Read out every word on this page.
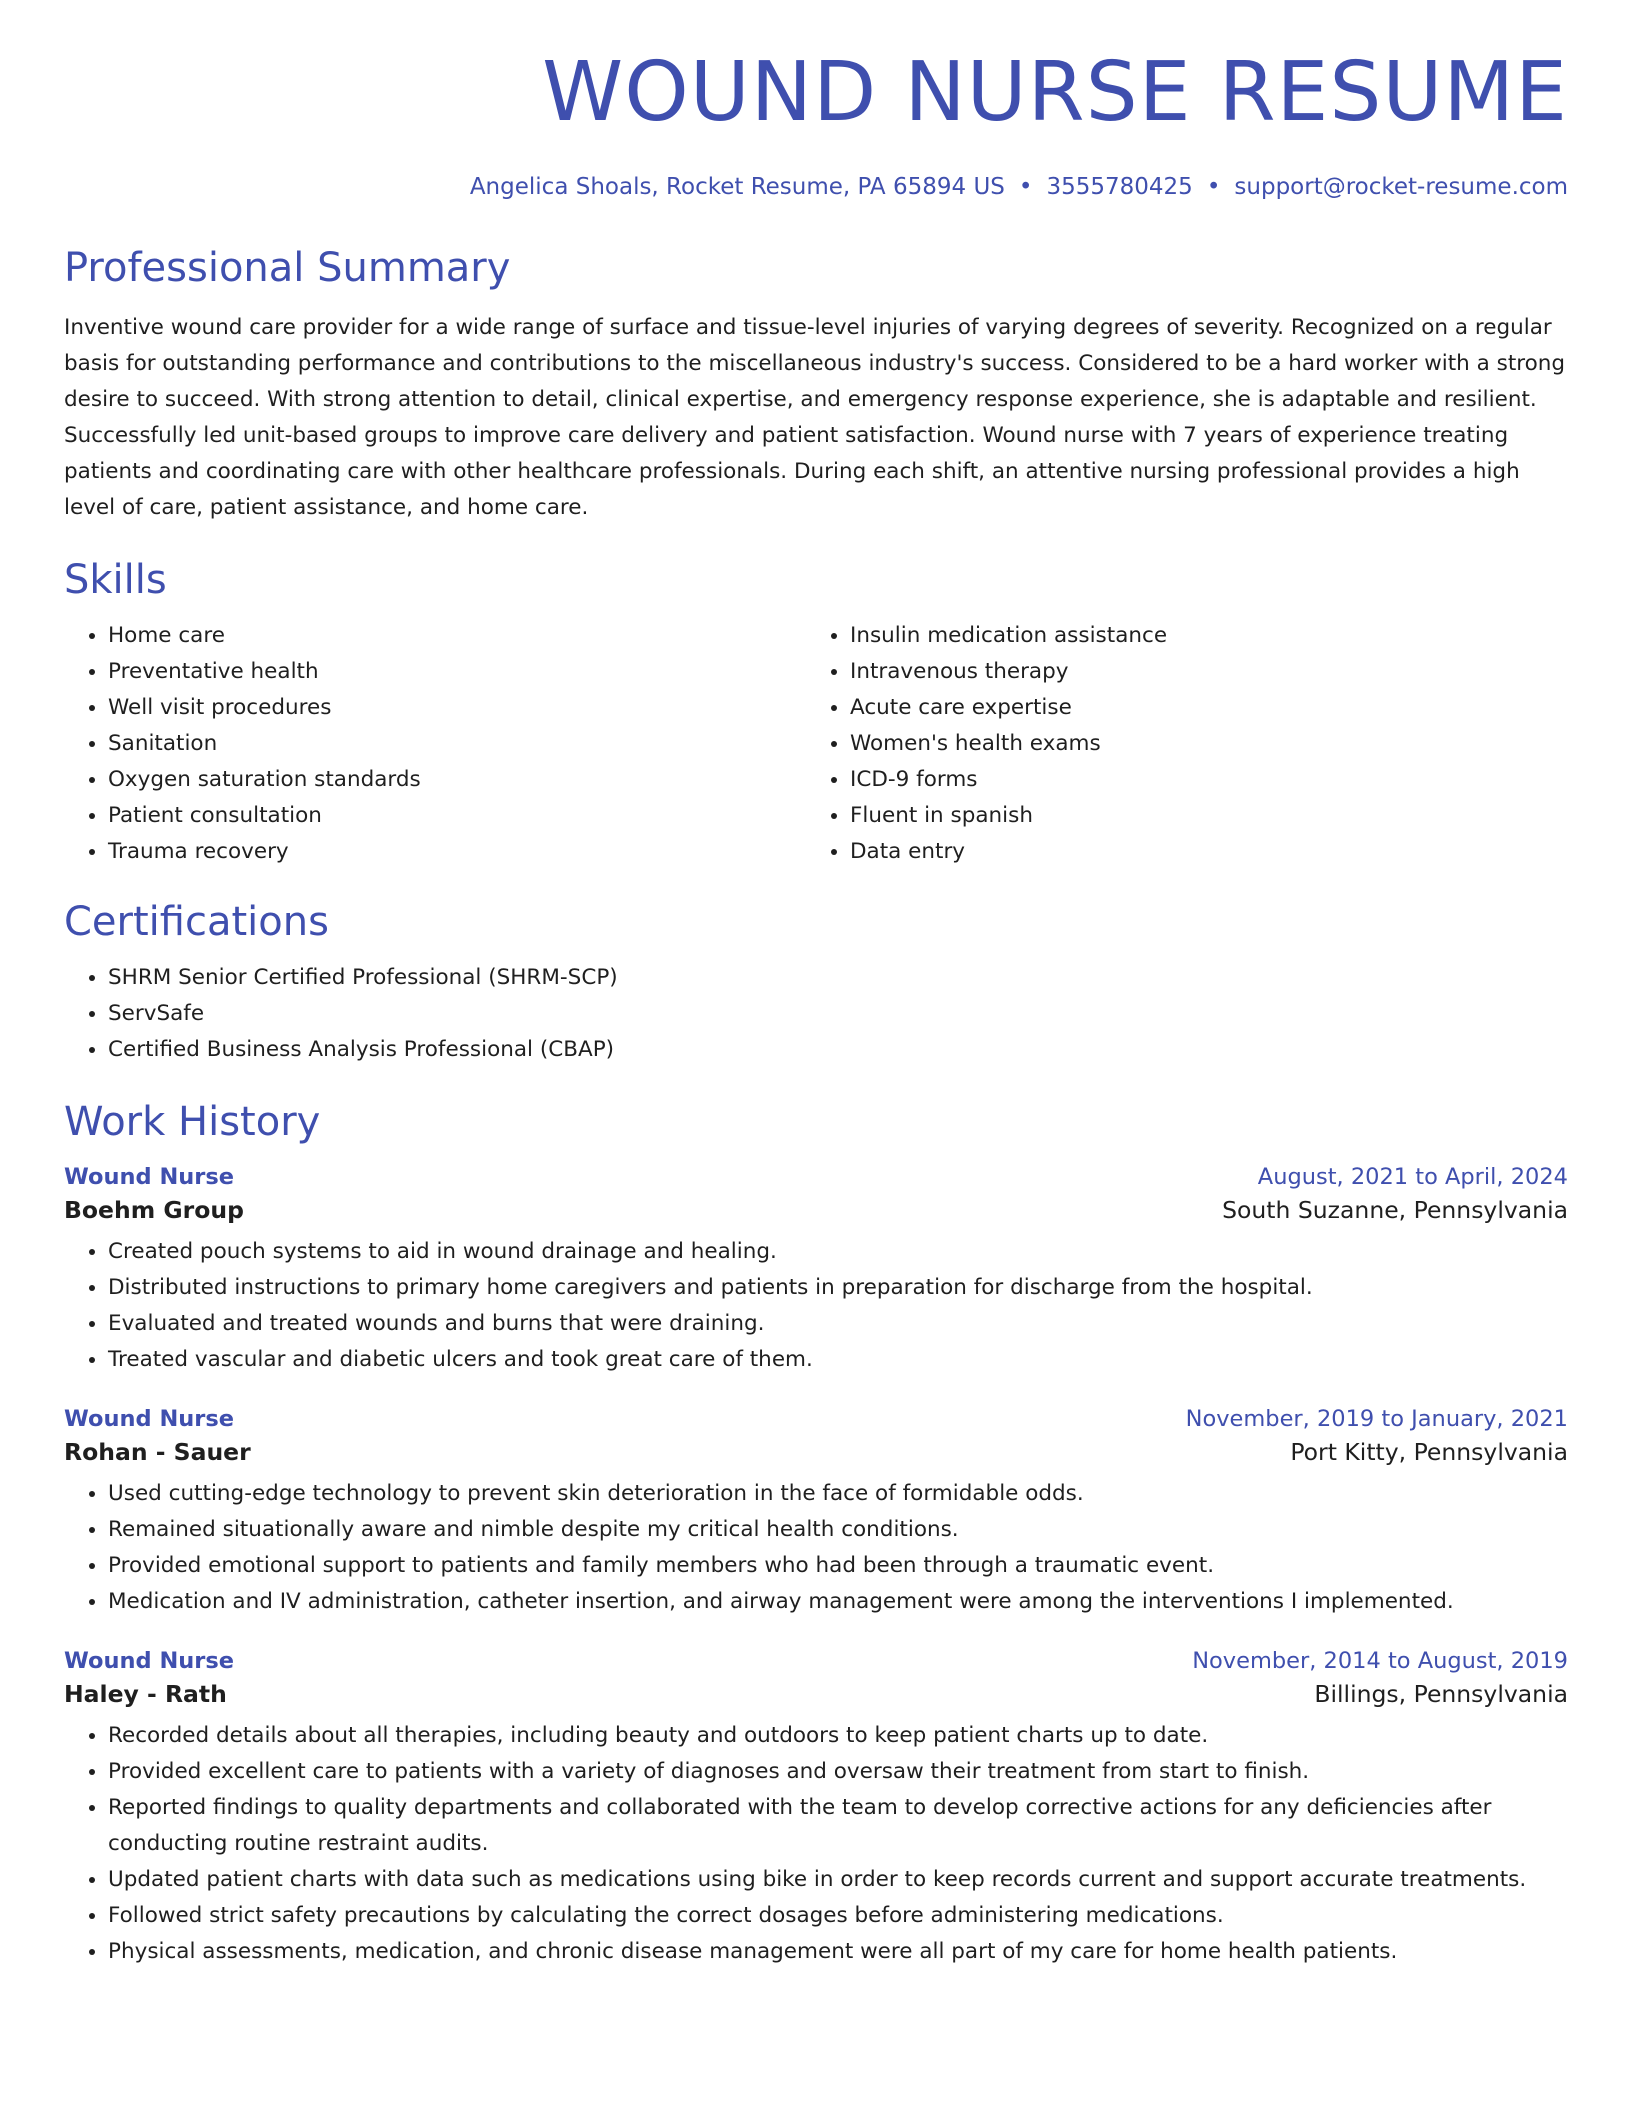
WOUND NURSE RESUME
Angelica Shoals, Rocket Resume, PA 65894 US • 3555780425 • support@rocket-resume.com
Professional Summary

Inventive wound care provider for a wide range of surface and tissue-level injuries of varying degrees of severity. Recognized on a regular basis for outstanding performance and contributions to the miscellaneous industry's success. Considered to be a hard worker with a strong desire to succeed. With strong attention to detail, clinical expertise, and emergency response experience, she is adaptable and resilient. Successfully led unit-based groups to improve care delivery and patient satisfaction. Wound nurse with 7 years of experience treating patients and coordinating care with other healthcare professionals. During each shift, an attentive nursing professional provides a high level of care, patient assistance, and home care.

Skills
• Home care
• Preventative health
• Well visit procedures
• Sanitation
• Oxygen saturation standards
• Patient consultation
• Trauma recovery
• Insulin medication assistance
• Intravenous therapy
• Acute care expertise
• Women's health exams
• ICD-9 forms
• Fluent in spanish
• Data entry
Certifications
• SHRM Senior Certified Professional (SHRM-SCP)
• ServSafe
• Certified Business Analysis Professional (CBAP)
Work History
Wound Nurse	August, 2021 to April, 2024
Boehm Group	South Suzanne, Pennsylvania
• Created pouch systems to aid in wound drainage and healing.
• Distributed instructions to primary home caregivers and patients in preparation for discharge from the hospital.
• Evaluated and treated wounds and burns that were draining.
• Treated vascular and diabetic ulcers and took great care of them.
Wound Nurse	November, 2019 to January, 2021
Rohan - Sauer	Port Kitty, Pennsylvania
• Used cutting-edge technology to prevent skin deterioration in the face of formidable odds.
• Remained situationally aware and nimble despite my critical health conditions.
• Provided emotional support to patients and family members who had been through a traumatic event.
• Medication and IV administration, catheter insertion, and airway management were among the interventions I implemented.
Wound Nurse	November, 2014 to August, 2019
Haley - Rath	Billings, Pennsylvania
• Recorded details about all therapies, including beauty and outdoors to keep patient charts up to date.
• Provided excellent care to patients with a variety of diagnoses and oversaw their treatment from start to finish.
• Reported findings to quality departments and collaborated with the team to develop corrective actions for any deficiencies after conducting routine restraint audits.
• Updated patient charts with data such as medications using bike in order to keep records current and support accurate treatments.
• Followed strict safety precautions by calculating the correct dosages before administering medications.
• Physical assessments, medication, and chronic disease management were all part of my care for home health patients.
